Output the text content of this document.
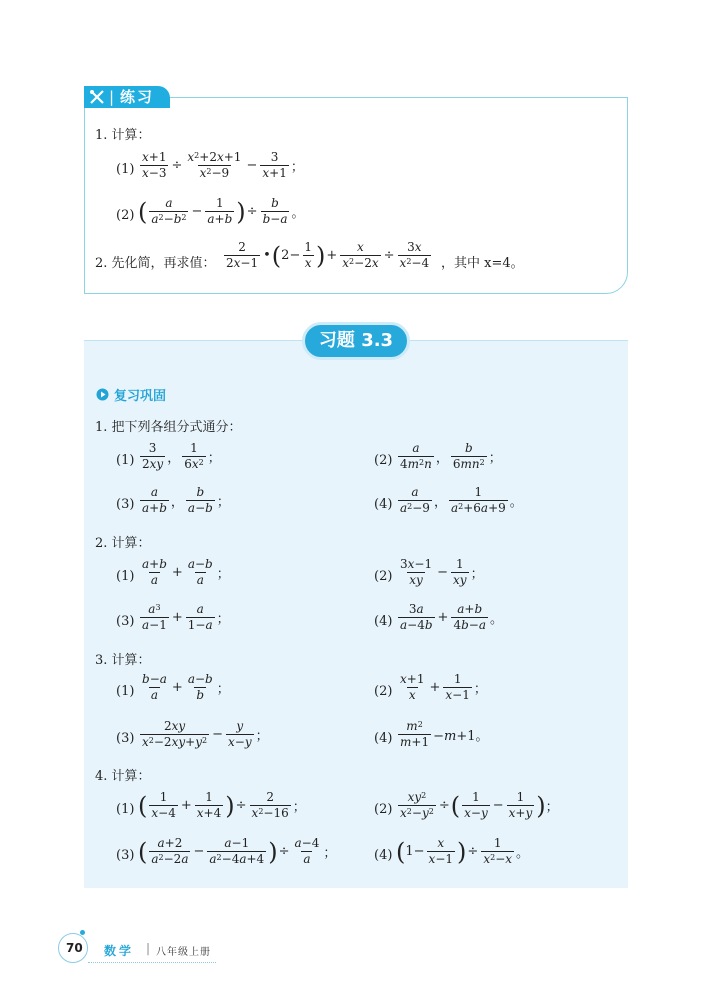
| 练习
1. 计算：
$(1) \frac{x+1}{x-3} \div \frac{x^2+2x+1}{x^2-9} - \frac{3}{x+1}$ ；
(2) ( a
$a^2-b^2 - \frac{1}{a+b}$ ) ÷ $\frac{b}{b-a}$ 。
2. 先化简，再求值：
2
2x−1 • ( $2- \frac{1}{x}$ ) + $\frac{x}{x^2-2x} \div \frac{3x}{x^2-4}$ ，其中 x=4。
习题 3.3
复习巩固
1. 把下列各组分式通分：
(1)
3
2xy ，
1
$6x^2$ ；	(2)
a
$4m^2n$ ，
b
$6mn^2$ ；
(3)
a
a+b ，
b
a−b ；	(4)
a
$a^2-9$ ，
1
$a^2+6a+9$ 。
2. 计算：
(1)
a+b
$a + \frac{a-b}{a}$ ；	(2)
3x−1
xy − $\frac{1}{xy}$ ；
(3)
$a^3$
$a-1 + \frac{a}{1-a}$ ；	(4)
3a
$a-4b + \frac{a+b}{4b-a}$ 。
3. 计算：
(1)
b−a
$a + \frac{a-b}{b}$ ；	(2)
x+1
$x + \frac{1}{x-1}$ ；
(3)
2xy
$x^2-2xy+y^2 - \frac{y}{x-y}$ ；	(4)
$m^2$
m+1 −m+1。
4. 计算：
(1) ( 1
$x-4 + \frac{1}{x+4}$ ) ÷ $\frac{2}{x^2-16}$ ；	$(2) \frac{xy^2}{x^2-y^2}$ ÷ ( 1
$x-y - \frac{1}{x+y}$ ) ；
(3) ( a+2
$a^2-2a - \frac{a-1}{a^2-4a+4}$ ) ÷ $\frac{a-4}{a}$ ；	(4) ( $1- \frac{x}{x-1}$ ) ÷ $\frac{1}{x^2-x}$ 。
70 数学 | 八年级上册
